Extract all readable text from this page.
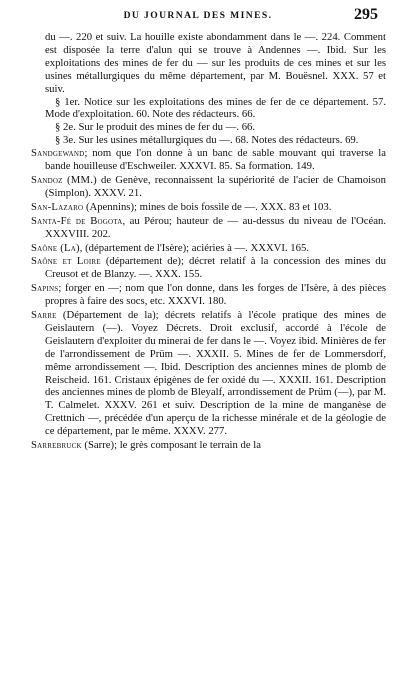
DU JOURNAL DES MINES.	295

du —. 220 et suiv. La houille existe abondamment dans le —. 224. Comment est disposée la terre d'alun qui se trouve à Andennes —. Ibid. Sur les exploitations des mines de fer du — sur les produits de ces mines et sur les usines métallurgiques du même département, par M. Bouësnel. XXX. 57 et suiv.

§ 1er. Notice sur les exploitations des mines de fer de ce département. 57. Mode d'exploitation. 60. Note des rédacteurs. 66.

§ 2e. Sur le produit des mines de fer du —. 66.

§ 3e. Sur les usines métallurgiques du —. 68. Notes des rédacteurs. 69.

Sandgewand; nom que l'on donne à un banc de sable mouvant qui traverse la bande houilleuse d'Eschweiler. XXXVI. 85. Sa formation. 149.

Sandoz (MM.) de Genève, reconnaissent la supériorité de l'acier de Chamoison (Simplon). XXXV. 21.

San-Lazaro (Apennins); mines de bois fossile de —. XXX. 83 et 103.

Santa-Fé de Bogota, au Pérou; hauteur de — au-dessus du niveau de l'Océan. XXXVIII. 202.

Saône (La), (département de l'Isère); aciéries à —. XXXVI. 165.

Saône et Loire (département de); décret relatif à la concession des mines du Creusot et de Blanzy. —. XXX. 155.

Sapins; forger en —; nom que l'on donne, dans les forges de l'Isère, à des pièces propres à faire des socs, etc. XXXVI. 180.

Sarre (Département de la); décrets relatifs à l'école pratique des mines de Geislautern (—). Voyez Décrets. Droit exclusif, accordé à l'école de Geislautern d'exploiter du minerai de fer dans le —. Voyez ibid. Minières de fer de l'arrondissement de Prüm —. XXXII. 5. Mines de fer de Lommersdorf, même arrondissement —. Ibid. Description des anciennes mines de plomb de Reischeid. 161. Cristaux épigènes de fer oxidé du —. XXXII. 161. Description des anciennes mines de plomb de Bleyalf, arrondissement de Prüm (—), par M. T. Calmelet. XXXV. 261 et suiv. Description de la mine de manganèse de Crettnich —, précédée d'un aperçu de la richesse minérale et de la géologie de ce département, par le même. XXXV. 277.

Sarrebruck (Sarre); le grès composant le terrain de la
